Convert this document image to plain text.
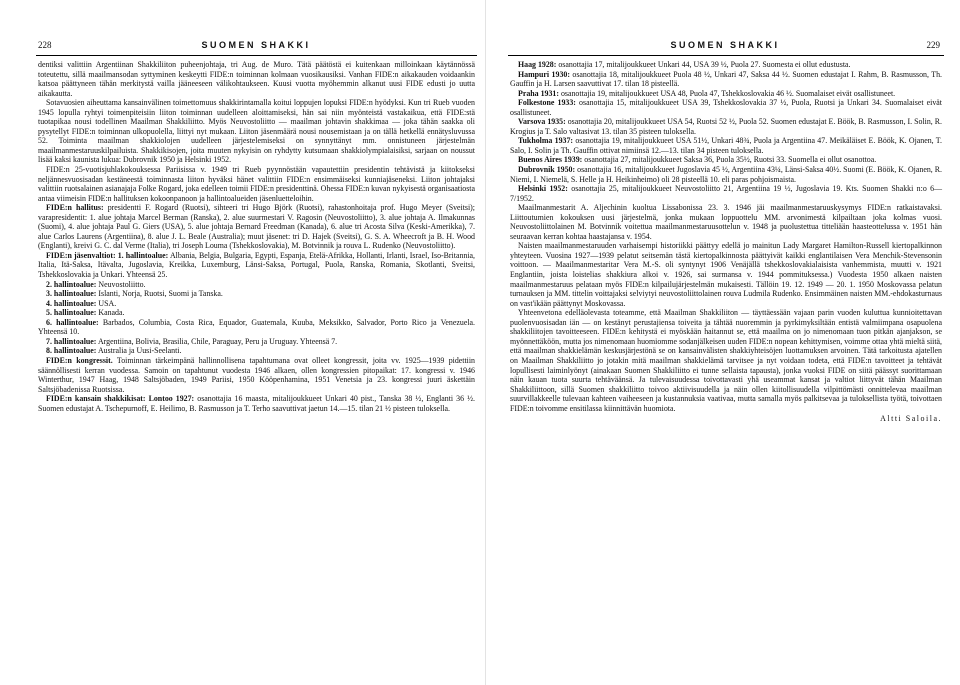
228	SUOMEN SHAKKI	SUOMEN SHAKKI	229

dentiksi valittiin Argentiinan Shakkiliiton puheenjohtaja, tri Aug. de Muro. Tätä päätöstä ei kuitenkaan milloinkaan käytännössä toteutettu, sillä maailmansodan syttyminen keskeytti FIDE:n toiminnan kolmaan vuosikausiksi. Vanhan FIDE:n aikakauden voidaankin katsoa päättyneen tähän merkitystä vailla jääneeseen välikohtaukseen. Kuusi vuotta myöhemmin alkanut uusi FIDE edusti jo uutta aikakautta.

Sotavuosien aiheuttama kansainvälinen toimettomuus shakkirintamalla koitui loppujen lopuksi FIDE:n hyödyksi. Kun tri Rueb vuoden 1945 lopulla ryhtyi toimenpiteisiin liiton toiminnan uudelleen aloittamiseksi, hän sai niin myönteistä vastakaikua, että FIDE:stä tuotapikaa nousi todellinen Maailman Shakkiliitto. Myös Neuvostoliitto — maailman johtavin shakkimaa — joka tähän saakka oli pysytellyt FIDE:n toiminnan ulkopuolella, liittyi nyt mukaan. Liiton jäsenmäärä nousi nousemistaan ja on tällä hetkellä ennätysluvussa 52. Toiminta maailman shakkiolojen uudelleen järjestelemiseksi on synnyttänyt mm. onnistuneen järjestelmän maailmanmestaruuskilpailuista. Shakkikisojen, joita muuten nykyisin on ryhdytty kutsumaan shakkiolympialaisiksi, sarjaan on noussut lisää kaksi kaunista lukua: Dubrovnik 1950 ja Helsinki 1952.

FIDE:n 25-vuotisjuhlakokouksessa Pariisissa v. 1949 tri Rueb pyynnöstään vapautettiin presidentin tehtävistä ja kiitokseksi neljännesvuosisadan kestäneestä toiminnasta liiton hyväksi hänet valittiin FIDE:n ensimmäiseksi kunniajäseneksi. Liiton johtajaksi valittiin ruotsalainen asianajaja Folke Rogard, joka edelleen toimii FIDE:n presidenttinä. Ohessa FIDE:n kuvan nykyisestä organisaatiosta antaa viimeisin FIDE:n hallituksen kokoonpanoon ja hallintoalueiden jäsenluetteloihin.

FIDE:n hallitus: presidentti F. Rogard (Ruotsi), sihteeri tri Hugo Björk (Ruotsi), rahastonhoitaja prof. Hugo Meyer (Sveitsi); varapresidentit: 1. alue johtaja Marcel Berman (Ranska), 2. alue suurmestari V. Ragosin (Neuvostoliitto), 3. alue johtaja A. Ilmakunnas (Suomi), 4. alue johtaja Paul G. Giers (USA), 5. alue johtaja Bernard Freedman (Kanada), 6. alue tri Acosta Silva (Keski-Amerikka), 7. alue Carlos Laurens (Argentiina), 8. alue J. L. Beale (Australia); muut jäsenet: tri D. Hajek (Sveitsi), G. S. A. Wheecroft ja B. H. Wood (Englanti), kreivi G. C. dal Verme (Italia), tri Joseph Louma (Tshekkoslovakia), M. Botvinnik ja rouva L. Rudenko (Neuvostoliitto).

FIDE:n jäsenvaltiot: 1. hallintoalue: Albania, Belgia, Bulgaria, Egypti, Espanja, Etelä-Afrikka, Hollanti, Irlanti, Israel, Iso-Britannia, Italia, Itä-Saksa, Itävalta, Jugoslavia, Kreikka, Luxemburg, Länsi-Saksa, Portugal, Puola, Ranska, Romania, Skotlanti, Sveitsi, Tshekkoslovakia ja Unkari. Yhteensä 25.

2. hallintoalue: Neuvostoliitto.

3. hallintoalue: Islanti, Norja, Ruotsi, Suomi ja Tanska.

4. hallintoalue: USA.

5. hallintoalue: Kanada.

6. hallintoalue: Barbados, Columbia, Costa Rica, Equador, Guatemala, Kuuba, Meksikko, Salvador, Porto Rico ja Venezuela. Yhteensä 10.

7. hallintoalue: Argentiina, Bolivia, Brasilia, Chile, Paraguay, Peru ja Uruguay. Yhteensä 7.

8. hallintoalue: Australia ja Uusi-Seelanti.

FIDE:n kongressit. Toiminnan tärkeimpänä hallinnollisena tapahtumana ovat olleet kongressit, joita vv. 1925—1939 pidettiin säännöllisesti kerran vuodessa. Samoin on tapahtunut vuodesta 1946 alkaen, ollen kongressien pitopaikat: 17. kongressi v. 1946 Winterthur, 1947 Haag, 1948 Saltsjöbaden, 1949 Pariisi, 1950 Kööpenhamina, 1951 Venetsia ja 23. kongressi juuri äskettäin Saltsjöbadenissa Ruotsissa.

FIDE:n kansain shakkikisat: Lontoo 1927: osanottajia 16 maasta, mitalijoukkueet Unkari 40 pist., Tanska 38 ½, Englanti 36 ½. Suomen edustajat A. Tschepurnoff, E. Heilimo, B. Rasmusson ja T. Terho saavuttivat jaetun 14.—15. tilan 21 ½ pisteen tuloksella.

Haag 1928: osanottajia 17, mitalijoukkueet Unkari 44, USA 39 ½, Puola 27. Suomesta ei ollut edustusta.

Hampuri 1930: osanottajia 18, mitalijoukkueet Puola 48 ½, Unkari 47, Saksa 44 ½. Suomen edustajat I. Rahm, B. Rasmusson, Th. Gauffin ja H. Larsen saavuttivat 17. tilan 18 pisteellä.

Praha 1931: osanottajia 19, mitalijoukkueet USA 48, Puola 47, Tshekkoslovakia 46 ½. Suomalaiset eivät osallistuneet.

Folkestone 1933: osanottajia 15, mitalijoukkueet USA 39, Tshekkoslovakia 37 ½, Puola, Ruotsi ja Unkari 34. Suomalaiset eivät osallistuneet.

Varsova 1935: osanottajia 20, mitalijoukkueet USA 54, Ruotsi 52 ½, Puola 52. Suomen edustajat E. Böök, B. Rasmusson, I. Solin, R. Krogius ja T. Salo valtasivat 13. tilan 35 pisteen tuloksella.

Tukholma 1937: osanottajia 19, mitalijoukkueet USA 51½, Unkari 48¾, Puola ja Argentiina 47. Meikäläiset E. Böök, K. Ojanen, T. Salo, I. Solin ja Th. Gauffin ottivat nimiinsä 12.—13. tilan 34 pisteen tuloksella.

Buenos Aires 1939: osanottajia 27, mitalijoukkueet Saksa 36, Puola 35½, Ruotsi 33. Suomella ei ollut osanottoa.

Dubrovnik 1950: osanottajia 16, mitalijoukkueet Jugoslavia 45 ½, Argentiina 43¼, Länsi-Saksa 40½. Suomi (E. Böök, K. Ojanen, R. Niemi, I. Niemelä, S. Helle ja H. Heikinheimo) oli 28 pisteellä 10. eli paras pohjoismaista.

Helsinki 1952: osanottajia 25, mitalijoukkueet Neuvostoliitto 21, Argentiina 19 ½, Jugoslavia 19. Kts. Suomen Shakki n:o 6—7/1952.

Maailmanmestarit A. Aljechinin kuoltua Lissabonissa 23. 3. 1946 jäi maailmanmestaruuskysymys FIDE:n ratkaistavaksi. Liittoutumien kokouksen uusi järjestelmä, jonka mukaan loppuottelu MM. arvonimestä kilpailtaan joka kolmas vuosi. Neuvostoliittolainen M. Botvinnik voitettua maailmanmestaruusottelun v. 1948 ja puolustettua titteliään haasteottelussa v. 1951 hän seuraavan kerran kohtaa haastajansa v. 1954.

Naisten maailmanmestaruuden varhaisempi historiikki päättyy edellä jo mainitun Lady Margaret Hamilton-Russell kiertopalkinnon yhteyteen. Vuosina 1927—1939 pelatut seitsemän tästä kiertopalkinnosta päättyivät kaikki englantilaisen Vera Menchik-Stevensonin voittoon. — Maailmanmestaritar Vera M.-S. oli syntynyt 1906 Venäjällä tshekkoslovakialaisista vanhemmista, muutti v. 1921 Englantiin, joista loistelias shakkiura alkoi v. 1926, sai surmansa v. 1944 pommituksessa.) Vuodesta 1950 alkaen naisten maailmanmestaruus pelataan myös FIDE:n kilpailujärjestelmän mukaisesti. Tällöin 19. 12. 1949 — 20. 1. 1950 Moskovassa pelatun turnauksen ja MM. tittelin voittajaksi selviytyi neuvostoliittolainen rouva Ludmila Rudenko. Ensimmäinen naisten MM.-ehdokasturnaus on vast'ikään päättynyt Moskovassa.

Yhteenvetona edelläolevasta toteamme, että Maailman Shakkiliiton — täyttäessään vajaan parin vuoden kuluttua kunnioitettavan puolenvuosisadan iän — on kestänyt perustajiensa toiveita ja tähtää nuoremmin ja pyrkimyksiltään entistä valmiimpana osapuolena shakkiliitojen tavoitteeseen. FIDE:n kehitystä ei myöskään haitannut se, että maailma on jo nimenomaan tuon pitkän ajanjakson, se myönnettäköön, mutta jos nimenomaan huomiomme sodanjälkeisen uuden FIDE:n nopean kehittymisen, voimme ottaa yhtä mieltä siitä, että maailman shakkielämän keskusjärjestönä se on kansainvälisten shakkiyhteisöjen luottamuksen arvoinen. Tätä tarkoitusta ajatellen on Maailman Shakkiliitto jo jotakin mitä maailman shakkielämä tarvitsee ja nyt voidaan todeta, että FIDE:n tavoitteet ja tehtävät lopullisesti laiminlyönyt (ainakaan Suomen Shakkiliitto ei tunne sellaista tapausta), jonka vuoksi FIDE on siitä päässyt suorittamaan näin kauan tuota suurta tehtäväänsä. Ja tulevaisuudessa toivottavasti yhä useammat kansat ja valtiot liittyvät tähän Maailman Shakkiliittoon, sillä Suomen shakkiliitto toivoo aktiivisuudella ja näin ollen kiitollisuudella vilpittömästi onnittelevaa maailman suurvillakkeelle tulevaan kahteen vaiheeseen ja kustannuksia vaativaa, mutta samalla myös palkitsevaa ja tuloksellista työtä, toivottaen FIDE:n toivomme ensitilassa kiinnittävän huomiota.

Altti Saloila.
